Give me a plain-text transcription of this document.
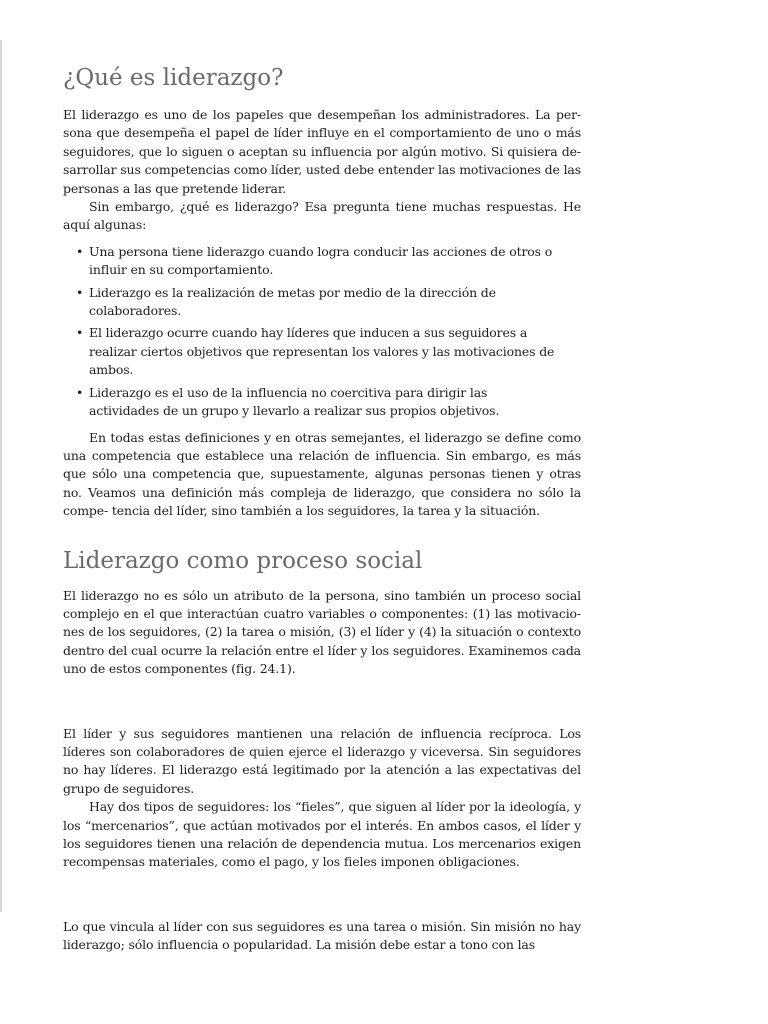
¿Qué es liderazgo?

El liderazgo es uno de los papeles que desempeñan los administradores. La per- sona que desempeña el papel de líder influye en el comportamiento de uno o más seguidores, que lo siguen o aceptan su influencia por algún motivo. Si quisiera de- sarrollar sus competencias como líder, usted debe entender las motivaciones de las personas a las que pretende liderar.

Sin embargo, ¿qué es liderazgo? Esa pregunta tiene muchas respuestas. He aquí algunas:

• Una persona tiene liderazgo cuando logra conducir las acciones de otros o influir en su comportamiento.
• Liderazgo es la realización de metas por medio de la dirección de colaboradores.
• El liderazgo ocurre cuando hay líderes que inducen a sus seguidores a realizar ciertos objetivos que representan los valores y las motivaciones de ambos.
• Liderazgo es el uso de la influencia no coercitiva para dirigir las actividades de un grupo y llevarlo a realizar sus propios objetivos.

En todas estas definiciones y en otras semejantes, el liderazgo se define como una competencia que establece una relación de influencia. Sin embargo, es más que sólo una competencia que, supuestamente, algunas personas tienen y otras no. Veamos una definición más compleja de liderazgo, que considera no sólo la compe- tencia del líder, sino también a los seguidores, la tarea y la situación.

Liderazgo como proceso social

El liderazgo no es sólo un atributo de la persona, sino también un proceso social complejo en el que interactúan cuatro variables o componentes: (1) las motivacio- nes de los seguidores, (2) la tarea o misión, (3) el líder y (4) la situación o contexto dentro del cual ocurre la relación entre el líder y los seguidores. Examinemos cada uno de estos componentes (fig. 24.1).

El líder y sus seguidores mantienen una relación de influencia recíproca. Los líderes son colaboradores de quien ejerce el liderazgo y viceversa. Sin seguidores no hay líderes. El liderazgo está legitimado por la atención a las expectativas del grupo de seguidores.

Hay dos tipos de seguidores: los “fieles”, que siguen al líder por la ideología, y los “mercenarios”, que actúan motivados por el interés. En ambos casos, el líder y los seguidores tienen una relación de dependencia mutua. Los mercenarios exigen recompensas materiales, como el pago, y los fieles imponen obligaciones.

Lo que vincula al líder con sus seguidores es una tarea o misión. Sin misión no hay liderazgo; sólo influencia o popularidad. La misión debe estar a tono con las
